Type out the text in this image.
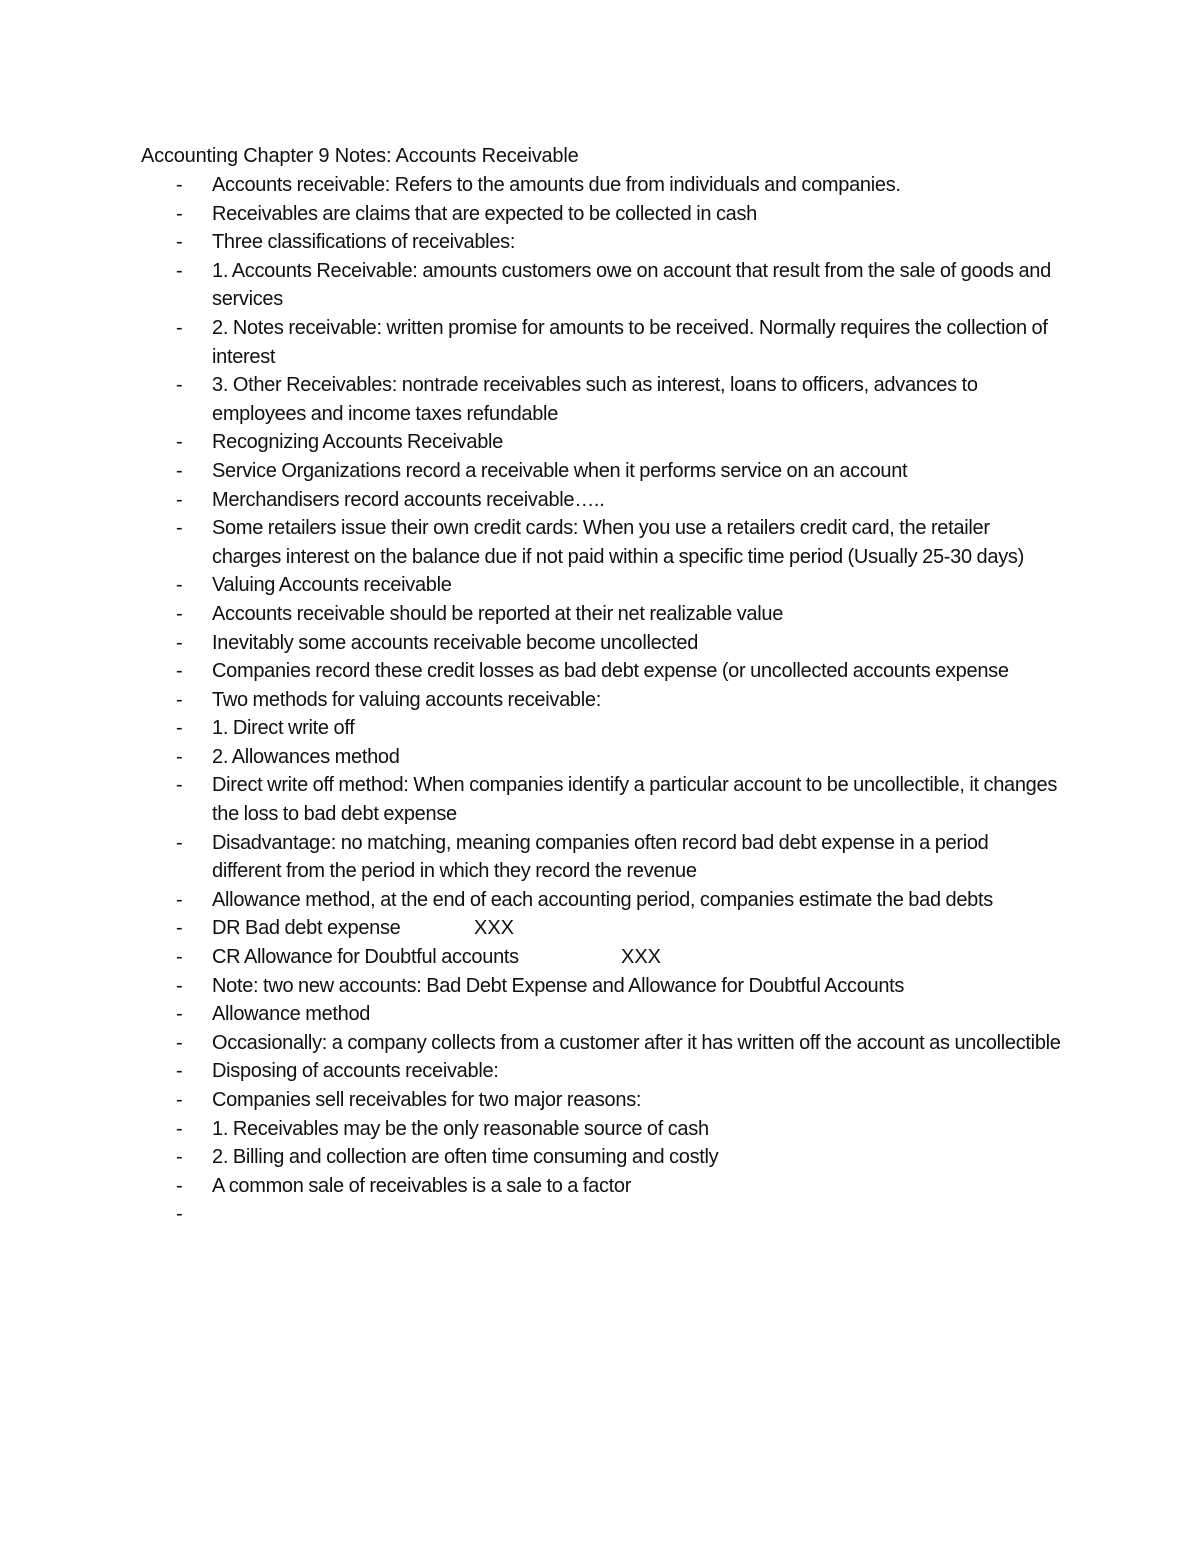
Accounting Chapter 9 Notes: Accounts Receivable
- Accounts receivable: Refers to the amounts due from individuals and companies.
- Receivables are claims that are expected to be collected in cash
- Three classifications of receivables:
- 1. Accounts Receivable: amounts customers owe on account that result from the sale of goods and services
- 2. Notes receivable: written promise for amounts to be received. Normally requires the collection of interest
- 3. Other Receivables: nontrade receivables such as interest, loans to officers, advances to employees and income taxes refundable
- Recognizing Accounts Receivable
- Service Organizations record a receivable when it performs service on an account
- Merchandisers record accounts receivable…..
- Some retailers issue their own credit cards: When you use a retailers credit card, the retailer charges interest on the balance due if not paid within a specific time period (Usually 25-30 days)
- Valuing Accounts receivable
- Accounts receivable should be reported at their net realizable value
- Inevitably some accounts receivable become uncollected
- Companies record these credit losses as bad debt expense (or uncollected accounts expense
- Two methods for valuing accounts receivable:
- 1. Direct write off
- 2. Allowances method
- Direct write off method: When companies identify a particular account to be uncollectible, it changes the loss to bad debt expense
- Disadvantage: no matching, meaning companies often record bad debt expense in a period different from the period in which they record the revenue
- Allowance method, at the end of each accounting period, companies estimate the bad debts
- DR Bad debt expense	XXX
- CR Allowance for Doubtful accounts	XXX
- Note: two new accounts: Bad Debt Expense and Allowance for Doubtful Accounts
- Allowance method
- Occasionally: a company collects from a customer after it has written off the account as uncollectible
- Disposing of accounts receivable:
- Companies sell receivables for two major reasons:
- 1. Receivables may be the only reasonable source of cash
- 2. Billing and collection are often time consuming and costly
- A common sale of receivables is a sale to a factor
-
